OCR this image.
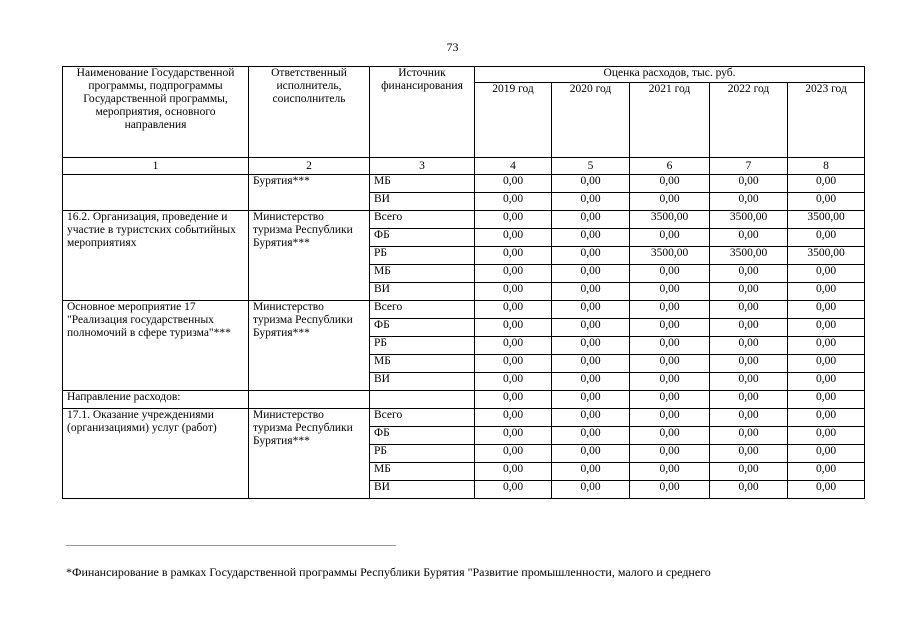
73
Наименование Государственной программы, подпрограммы Государственной программы, мероприятия, основного направления	Ответственный исполнитель, соисполнитель	Источник финансирования	Оценка расходов, тыс. руб.				
			2019 год	2020 год	2021 год	2022 год	2023 год
1	2	3	4	5	6	7	8
	Бурятия***	МБ	0,00	0,00	0,00	0,00	0,00
		ВИ	0,00	0,00	0,00	0,00	0,00
16.2. Организация, проведение и участие в туристских событийных мероприятиях	Министерство туризма Республики Бурятия***	Всего	0,00	0,00	3500,00	3500,00	3500,00
		ФБ	0,00	0,00	0,00	0,00	0,00
		РБ	0,00	0,00	3500,00	3500,00	3500,00
		МБ	0,00	0,00	0,00	0,00	0,00
		ВИ	0,00	0,00	0,00	0,00	0,00
Основное мероприятие 17 "Реализация государственных полномочий в сфере туризма"***	Министерство туризма Республики Бурятия***	Всего	0,00	0,00	0,00	0,00	0,00
		ФБ	0,00	0,00	0,00	0,00	0,00
		РБ	0,00	0,00	0,00	0,00	0,00
		МБ	0,00	0,00	0,00	0,00	0,00
		ВИ	0,00	0,00	0,00	0,00	0,00
Направление расходов:			0,00	0,00	0,00	0,00	0,00
17.1. Оказание учреждениями (организациями) услуг (работ)	Министерство туризма Республики Бурятия***	Всего	0,00	0,00	0,00	0,00	0,00
		ФБ	0,00	0,00	0,00	0,00	0,00
		РБ	0,00	0,00	0,00	0,00	0,00
		МБ	0,00	0,00	0,00	0,00	0,00
		ВИ	0,00	0,00	0,00	0,00	0,00
*Финансирование в рамках Государственной программы Республики Бурятия "Развитие промышленности, малого и среднего
